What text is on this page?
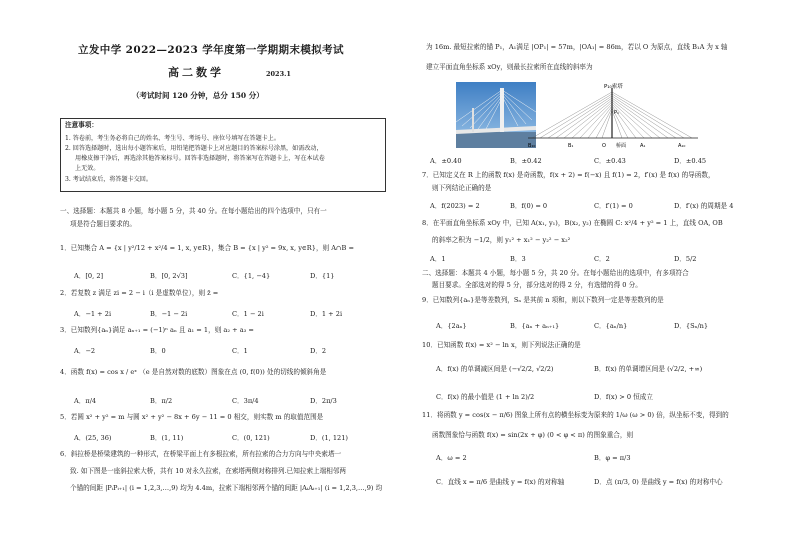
立发中学 2022—2023 学年度第一学期期末模拟考试
高二数学	2023.1
（考试时间 120 分钟，总分 150 分）
注意事项：
1. 答卷前，考生务必将自己的姓名、考生号、考场号、座位号填写在答题卡上。
2. 回答选择题时，选出每小题答案后，用铅笔把答题卡上对应题目的答案标号涂黑，如需改动，
用橡皮擦干净后，再选涂其他答案标号。回答非选择题时，将答案写在答题卡上，写在本试卷
上无效。
3. 考试结束后，将答题卡交回。
一、选择题：本题共 8 小题，每小题 5 分，共 40 分。在每小题给出的四个选项中，只有一
项是符合题目要求的。
1．已知集合 A = {x | y²/12 + x²/4 = 1, x, y∈R}，集合 B = {x | y² = 9x, x, y∈R}，则 A∩B =
A．[0, 2]	B．[0, 2√3]	C．{1, −4}	D．{1}
2．若复数 z 满足 zi = 2 − i（i 是虚数单位），则 z̄ =
A．−1 + 2i	B．−1 − 2i	C．1 − 2i	D．1 + 2i
3．已知数列{aₙ}满足 aₙ₊₁ = (−1)ⁿ aₙ 且 a₁ = 1，则 a₂ + a₃ =
A．−2	B．0	C．1	D．2
4．函数 f(x) = cos x / eˣ （e 是自然对数的底数）图象在点 (0, f(0)) 处的切线的倾斜角是
A．π/4	B．π/2	C．3π/4	D．2π/3
5．若圆 x² + y² = m 与圆 x² + y² − 8x + 6y − 11 = 0 相交，则实数 m 的取值范围是
A．(25, 36)	B．(1, 11)	C．(0, 121)	D．(1, 121)
6．斜拉桥是桥梁建筑的一种形式，在桥梁平面上有多根拉索，所有拉索的合力方向与中央索塔一
致. 如下图是一座斜拉索大桥，共有 10 对永久拉索，在索塔两侧对称排列.已知拉索上端相邻两
个锚的间距 |PᵢPᵢ₊₁| (i = 1,2,3,…,9) 均为 4.4m，拉索下端相邻两个锚的间距 |AᵢAᵢ₊₁| (i = 1,2,3,…,9) 均
为 16m. 最短拉索的锚 P₁，A₁满足 |OP₁| = 57m，|OA₁| = 86m，若以 O 为原点，直线 B₁A 为 x 轴
建立平面直角坐标系 xOy，则最长拉索所在直线的斜率为
P₁₀索塔
P₁
B₁₀	B₁	O 桥面	A₁	A₁₀
A．±0.40	B．±0.42	C．±0.43	D．±0.45
7．已知定义在 R 上的函数 f(x) 是奇函数，f(x + 2) = f(−x) 且 f(1) = 2，f′(x) 是 f(x) 的导函数，
则下列结论正确的是
A．f(2023) = 2	B．f(0) = 0	C．f′(1) = 0	D．f′(x) 的周期是 4
8．在平面直角坐标系 xOy 中，已知 A(x₁, y₁)，B(x₂, y₂) 在椭圆 C: x²/4 + y² = 1 上，直线 OA, OB
的斜率之积为 −1/2，则 y₁² + x₁² − y₂² − x₂²
A．1	B．3	C．2	D．5/2
二、选择题：本题共 4 小题，每小题 5 分，共 20 分。在每小题给出的选项中，有多项符合
题目要求。全部选对的得 5 分，部分选对的得 2 分，有选错的得 0 分。
9．已知数列{aₙ}是等差数列，Sₙ 是其前 n 项和，则以下数列一定是等差数列的是
A．{2aₙ}	B．{aₙ + aₙ₊₁}	C．{aₙ/n}	D．{Sₙ/n}
10．已知函数 f(x) = x² − ln x，则下列说法正确的是
A．f(x) 的单调减区间是 (−√2/2, √2/2)	B．f(x) 的单调增区间是 (√2/2, +∞)
C．f(x) 的最小值是 (1 + ln 2)/2	D．f(x) > 0 恒成立
11．将函数 y = cos(x − π/6) 图象上所有点的横坐标变为原来的 1/ω (ω > 0) 倍，纵坐标不变，得到的
函数图象恰与函数 f(x) = sin(2x + φ) (0 < φ < π) 的图象重合，则
A．ω = 2	B．φ = π/3
C．直线 x = π/6 是曲线 y = f(x) 的对称轴	D．点 (π/3, 0) 是曲线 y = f(x) 的对称中心
